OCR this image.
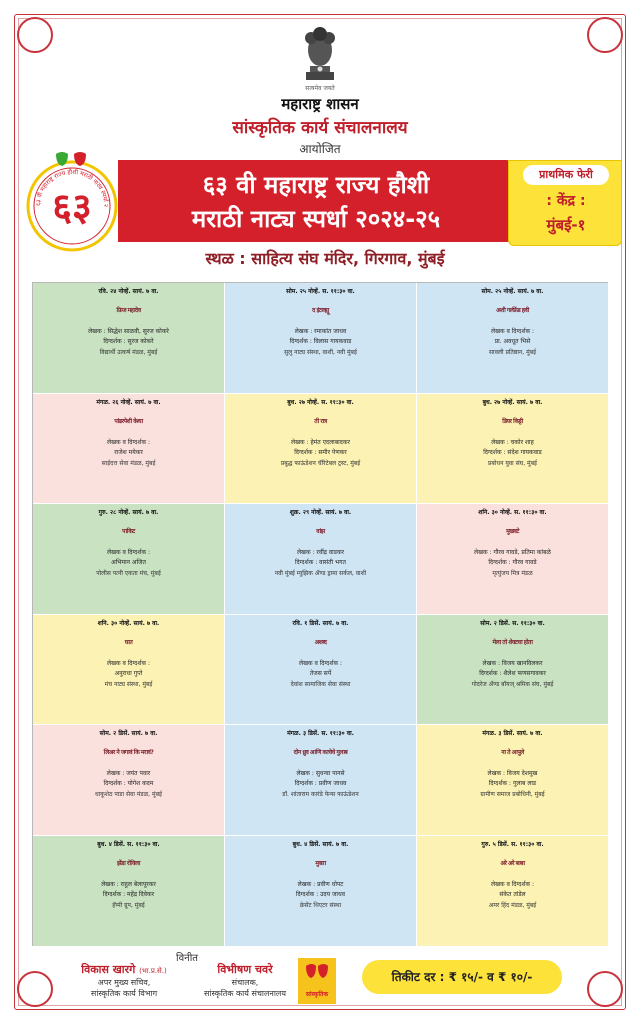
सत्यमेव जयते
महाराष्ट्र शासन
सांस्कृतिक कार्य संचालनालय
आयोजित
६३
६३ वी महाराष्ट्र राज्य हौशी मराठी नाट्य स्पर्धा २
६३ वी महाराष्ट्र राज्य हौशी
मराठी नाट्य स्पर्धा २०२४-२५
प्राथमिक फेरी
: केंद्र :
मुंबई-१
स्थळ : साहित्य संघ मंदिर, गिरगाव, मुंबई
रवि. २४ नोव्हें. सायं. ७ वा.
फ्रिज महादेव
लेखक : सिद्धेश साळवी, सुरज कोकरे
दिग्दर्शक : सुरज कोकरे
विद्यार्थी उत्कर्ष मंडळ, मुंबई
सोम. २५ नोव्हें. स. ११:३० वा.
द इंटरव्ह्यू
लेखक : रमाकांत जाधव
दिग्दर्शक : विलास गायकवाड
सुलु नाट्य संस्था, वाशी, नवी मुंबई
सोम. २५ नोव्हें. सायं. ७ वा.
अशी गर्लफ्रेंड हवी
लेखक व दिग्दर्शक :
प्रा. अवधूत भिसे
सावली प्रतिष्ठान, मुंबई
मंगळ. २६ नोव्हें. सायं. ७ वा.
पांढरपेशी वेश्या
लेखक व दिग्दर्शक :
राजेश मयेकर
साईदत्त सेवा मंडळ, मुंबई
बुध. २७ नोव्हें. स. ११:३० वा.
ती रात्र
लेखक : हेमंत एदलाबादकर
दिग्दर्शक : समीर पेणकर
प्रबुद्ध फाऊंडेशन चॅरिटेबल ट्रस्ट, मुंबई
बुध. २७ नोव्हें. सायं. ७ वा.
डियर किट्टी
लेखक : चकोर शाह
दिग्दर्शक : संदेश गायकवाड
प्रबोधन युवा संघ, मुंबई
गुरु. २८ नोव्हें. सायं. ७ वा.
पाकिट
लेखक व दिग्दर्शक :
अभिमान अजित
पोलीस पत्नी एकता मंच, मुंबई
शुक्र. २९ नोव्हें. सायं. ७ वा.
वांझ
लेखक : रवींद्र वाडकर
दिग्दर्शक : वासंती भगत
नवी मुंबई म्युझिक ॲण्ड ड्रामा सर्कल, वाशी
शनि. ३० नोव्हें. स. ११:३० वा.
मुखवटे
लेखक : गौरव गावडे, प्रतिमा कांबळे
दिग्दर्शक : गौरव गावडे
मृत्युंजय मित्र मंडळ
शनि. ३० नोव्हें. सायं. ७ वा.
घात
लेखक व दिग्दर्शक :
अनुराधा गुप्ते
मंच नाट्य संस्था, मुंबई
रवि. १ डिसें. सायं. ७ वा.
अशब्द
लेखक व दिग्दर्शक :
तेजस सर्पे
देवांश सामाजिक सेवा संस्था
सोम. २ डिसें. स. ११:३० वा.
मेला तो शेवटचा होता
लेखक : विजय खानविलकर
दिग्दर्शक : शैलेश फणसगावकर
गोदरेज ॲण्ड बॉयज् श्रमिक संघ, मुंबई
सोम. २ डिसें. सायं. ७ वा.
लिअर ने जगावं कि मरावं?
लेखक : जयंत पवार
दिग्दर्शक : योगेश कदम
धाकूशेठ पाडा सेवा मंडळ, मुंबई
मंगळ. ३ डिसें. स. ११:३० वा.
दोन ध्रुव आणि काचेचे गुलाब
लेखक : सुधन्वा पानसे
दिग्दर्शक : प्रवीण जाधव
डॉ. शांताराम कारंडे फेन्स फाऊंडेशन
मंगळ. ३ डिसें. सायं. ७ वा.
ना ते आपुले
लेखक : विजय देशमुख
दिग्दर्शक : गुलाब लाड
ग्रामीण समाज प्रबोधिनी, मुंबई
बुध. ४ डिसें. स. ११:३० वा.
झेंडा रोविला
लेखक : राहुल बेलापूरकर
दिग्दर्शक : महेंद्र दिवेकर
हॅप्पी ग्रुप, मुंबई
बुध. ४ डिसें. सायं. ७ वा.
मुक्ता
लेखक : प्रवीण धोपट
दिग्दर्शक : उदय जाधव
क्रेसेंट थिएटर संस्था
गुरु. ५ डिसें. स. ११:३० वा.
अरे अरे बाबा
लेखक व दिग्दर्शक :
संकेत तांडेल
अमर हिंद मंडळ, मुंबई
विनीत
विकास खारगे (भा.प्र.से.)
अपर मुख्य सचिव,
सांस्कृतिक कार्य विभाग
विभीषण चवरे
संचालक,
सांस्कृतिक कार्य संचालनालय	सांस्कृतिक
तिकीट दर : ₹ १५/- व ₹ १०/-
